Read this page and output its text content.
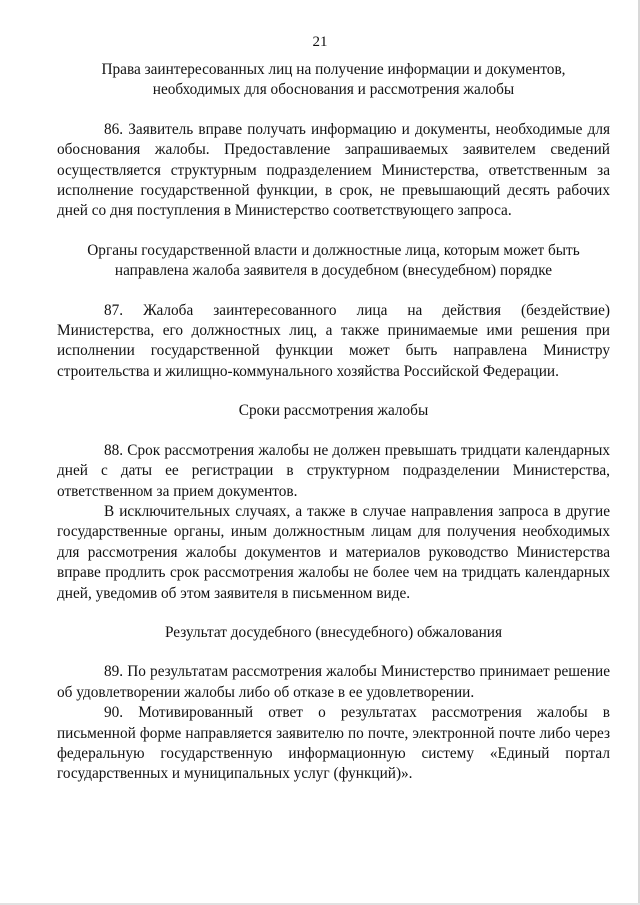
21

Права заинтересованных лиц на получение информации и документов,
необходимых для обоснования и рассмотрения жалобы

86. Заявитель вправе получать информацию и документы, необходимые для обоснования жалобы. Предоставление запрашиваемых заявителем сведений осуществляется структурным подразделением Министерства, ответственным за исполнение государственной функции, в срок, не превышающий десять рабочих дней со дня поступления в Министерство соответствующего запроса.

Органы государственной власти и должностные лица, которым может быть
направлена жалоба заявителя в досудебном (внесудебном) порядке

87. Жалоба заинтересованного лица на действия (бездействие) Министерства, его должностных лиц, а также принимаемые ими решения при исполнении государственной функции может быть направлена Министру строительства и жилищно-коммунального хозяйства Российской Федерации.

Сроки рассмотрения жалобы

88. Срок рассмотрения жалобы не должен превышать тридцати календарных дней с даты ее регистрации в структурном подразделении Министерства, ответственном за прием документов.

В исключительных случаях, а также в случае направления запроса в другие государственные органы, иным должностным лицам для получения необходимых для рассмотрения жалобы документов и материалов руководство Министерства вправе продлить срок рассмотрения жалобы не более чем на тридцать календарных дней, уведомив об этом заявителя в письменном виде.

Результат досудебного (внесудебного) обжалования

89. По результатам рассмотрения жалобы Министерство принимает решение об удовлетворении жалобы либо об отказе в ее удовлетворении.

90. Мотивированный ответ о результатах рассмотрения жалобы в письменной форме направляется заявителю по почте, электронной почте либо через федеральную государственную информационную систему «Единый портал государственных и муниципальных услуг (функций)».
